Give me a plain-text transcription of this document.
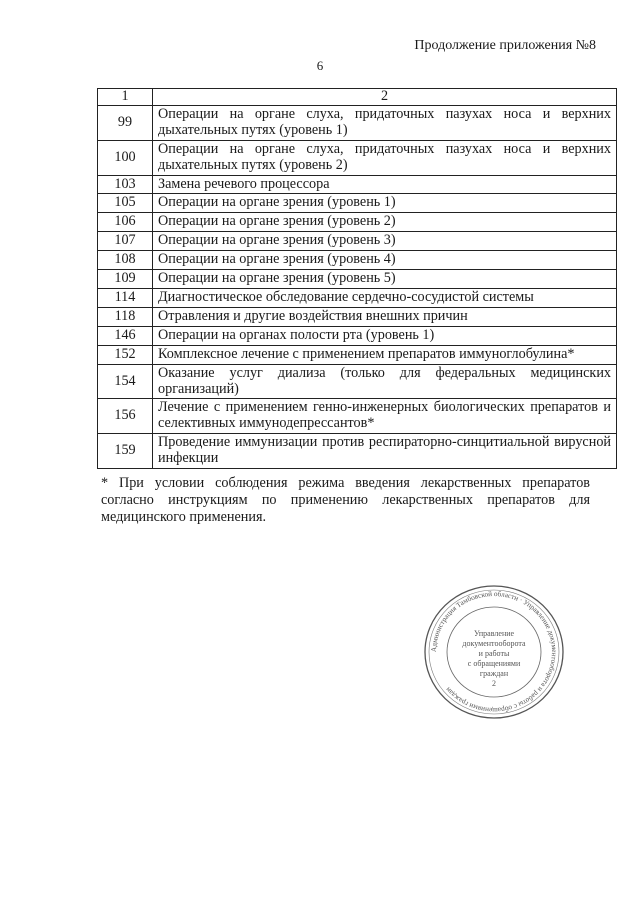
Продолжение приложения №8
6
1	2
99	Операции на органе слуха, придаточных пазухах носа и верхних дыхательных путях (уровень 1)
100	Операции на органе слуха, придаточных пазухах носа и верхних дыхательных путях (уровень 2)
103	Замена речевого процессора
105	Операции на органе зрения (уровень 1)
106	Операции на органе зрения (уровень 2)
107	Операции на органе зрения (уровень 3)
108	Операции на органе зрения (уровень 4)
109	Операции на органе зрения (уровень 5)
114	Диагностическое обследование сердечно-сосудистой системы
118	Отравления и другие воздействия внешних причин
146	Операции на органах полости рта (уровень 1)
152	Комплексное лечение с применением препаратов иммуноглобулина*
154	Оказание услуг диализа (только для федеральных медицинских организаций)
156	Лечение с применением генно-инженерных биологических препаратов и селективных иммунодепрессантов*
159	Проведение иммунизации против респираторно-синцитиальной вирусной инфекции
* При условии соблюдения режима введения лекарственных препаратов согласно инструкциям по применению лекарственных препаратов для медицинского применения.
Администрация Тамбовской области · Управление документооборота и работы с обращениями граждан
Управление
документооборота
и работы
с обращениями
граждан
2
